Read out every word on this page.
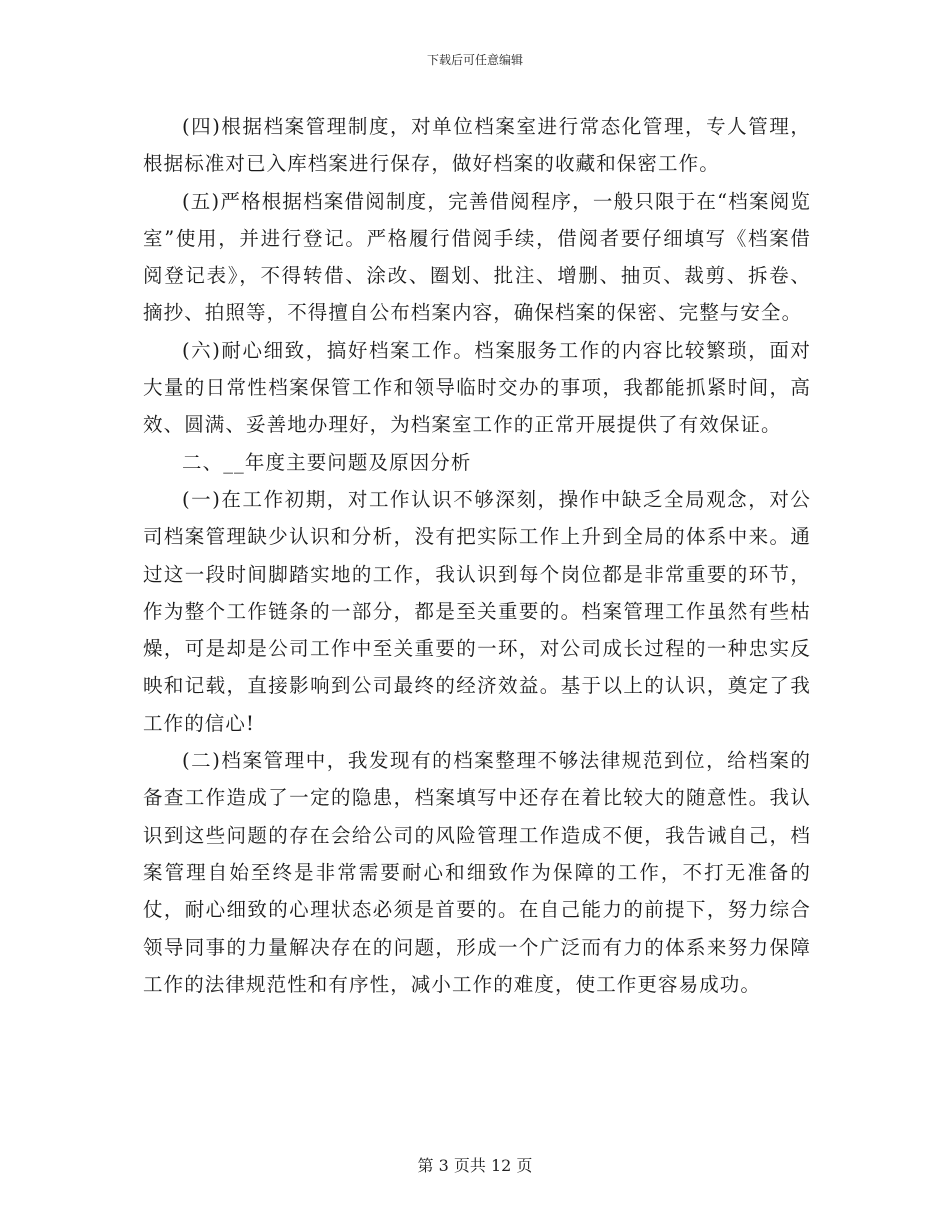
下载后可任意编辑

(四)根据档案管理制度，对单位档案室进行常态化管理，专人管理，根据标准对已入库档案进行保存，做好档案的收藏和保密工作。

(五)严格根据档案借阅制度，完善借阅程序，一般只限于在“档案阅览室”使用，并进行登记。严格履行借阅手续，借阅者要仔细填写《档案借阅登记表》，不得转借、涂改、圈划、批注、增删、抽页、裁剪、拆卷、摘抄、拍照等，不得擅自公布档案内容，确保档案的保密、完整与安全。

(六)耐心细致，搞好档案工作。档案服务工作的内容比较繁琐，面对大量的日常性档案保管工作和领导临时交办的事项，我都能抓紧时间，高效、圆满、妥善地办理好，为档案室工作的正常开展提供了有效保证。

二、__年度主要问题及原因分析

(一)在工作初期，对工作认识不够深刻，操作中缺乏全局观念，对公司档案管理缺少认识和分析，没有把实际工作上升到全局的体系中来。通过这一段时间脚踏实地的工作，我认识到每个岗位都是非常重要的环节，作为整个工作链条的一部分，都是至关重要的。档案管理工作虽然有些枯燥，可是却是公司工作中至关重要的一环，对公司成长过程的一种忠实反映和记载，直接影响到公司最终的经济效益。基于以上的认识，奠定了我工作的信心!

(二)档案管理中，我发现有的档案整理不够法律规范到位，给档案的备查工作造成了一定的隐患，档案填写中还存在着比较大的随意性。我认识到这些问题的存在会给公司的风险管理工作造成不便，我告诫自己，档案管理自始至终是非常需要耐心和细致作为保障的工作，不打无准备的仗，耐心细致的心理状态必须是首要的。在自己能力的前提下，努力综合领导同事的力量解决存在的问题，形成一个广泛而有力的体系来努力保障工作的法律规范性和有序性，减小工作的难度，使工作更容易成功。

第 3 页共 12 页
